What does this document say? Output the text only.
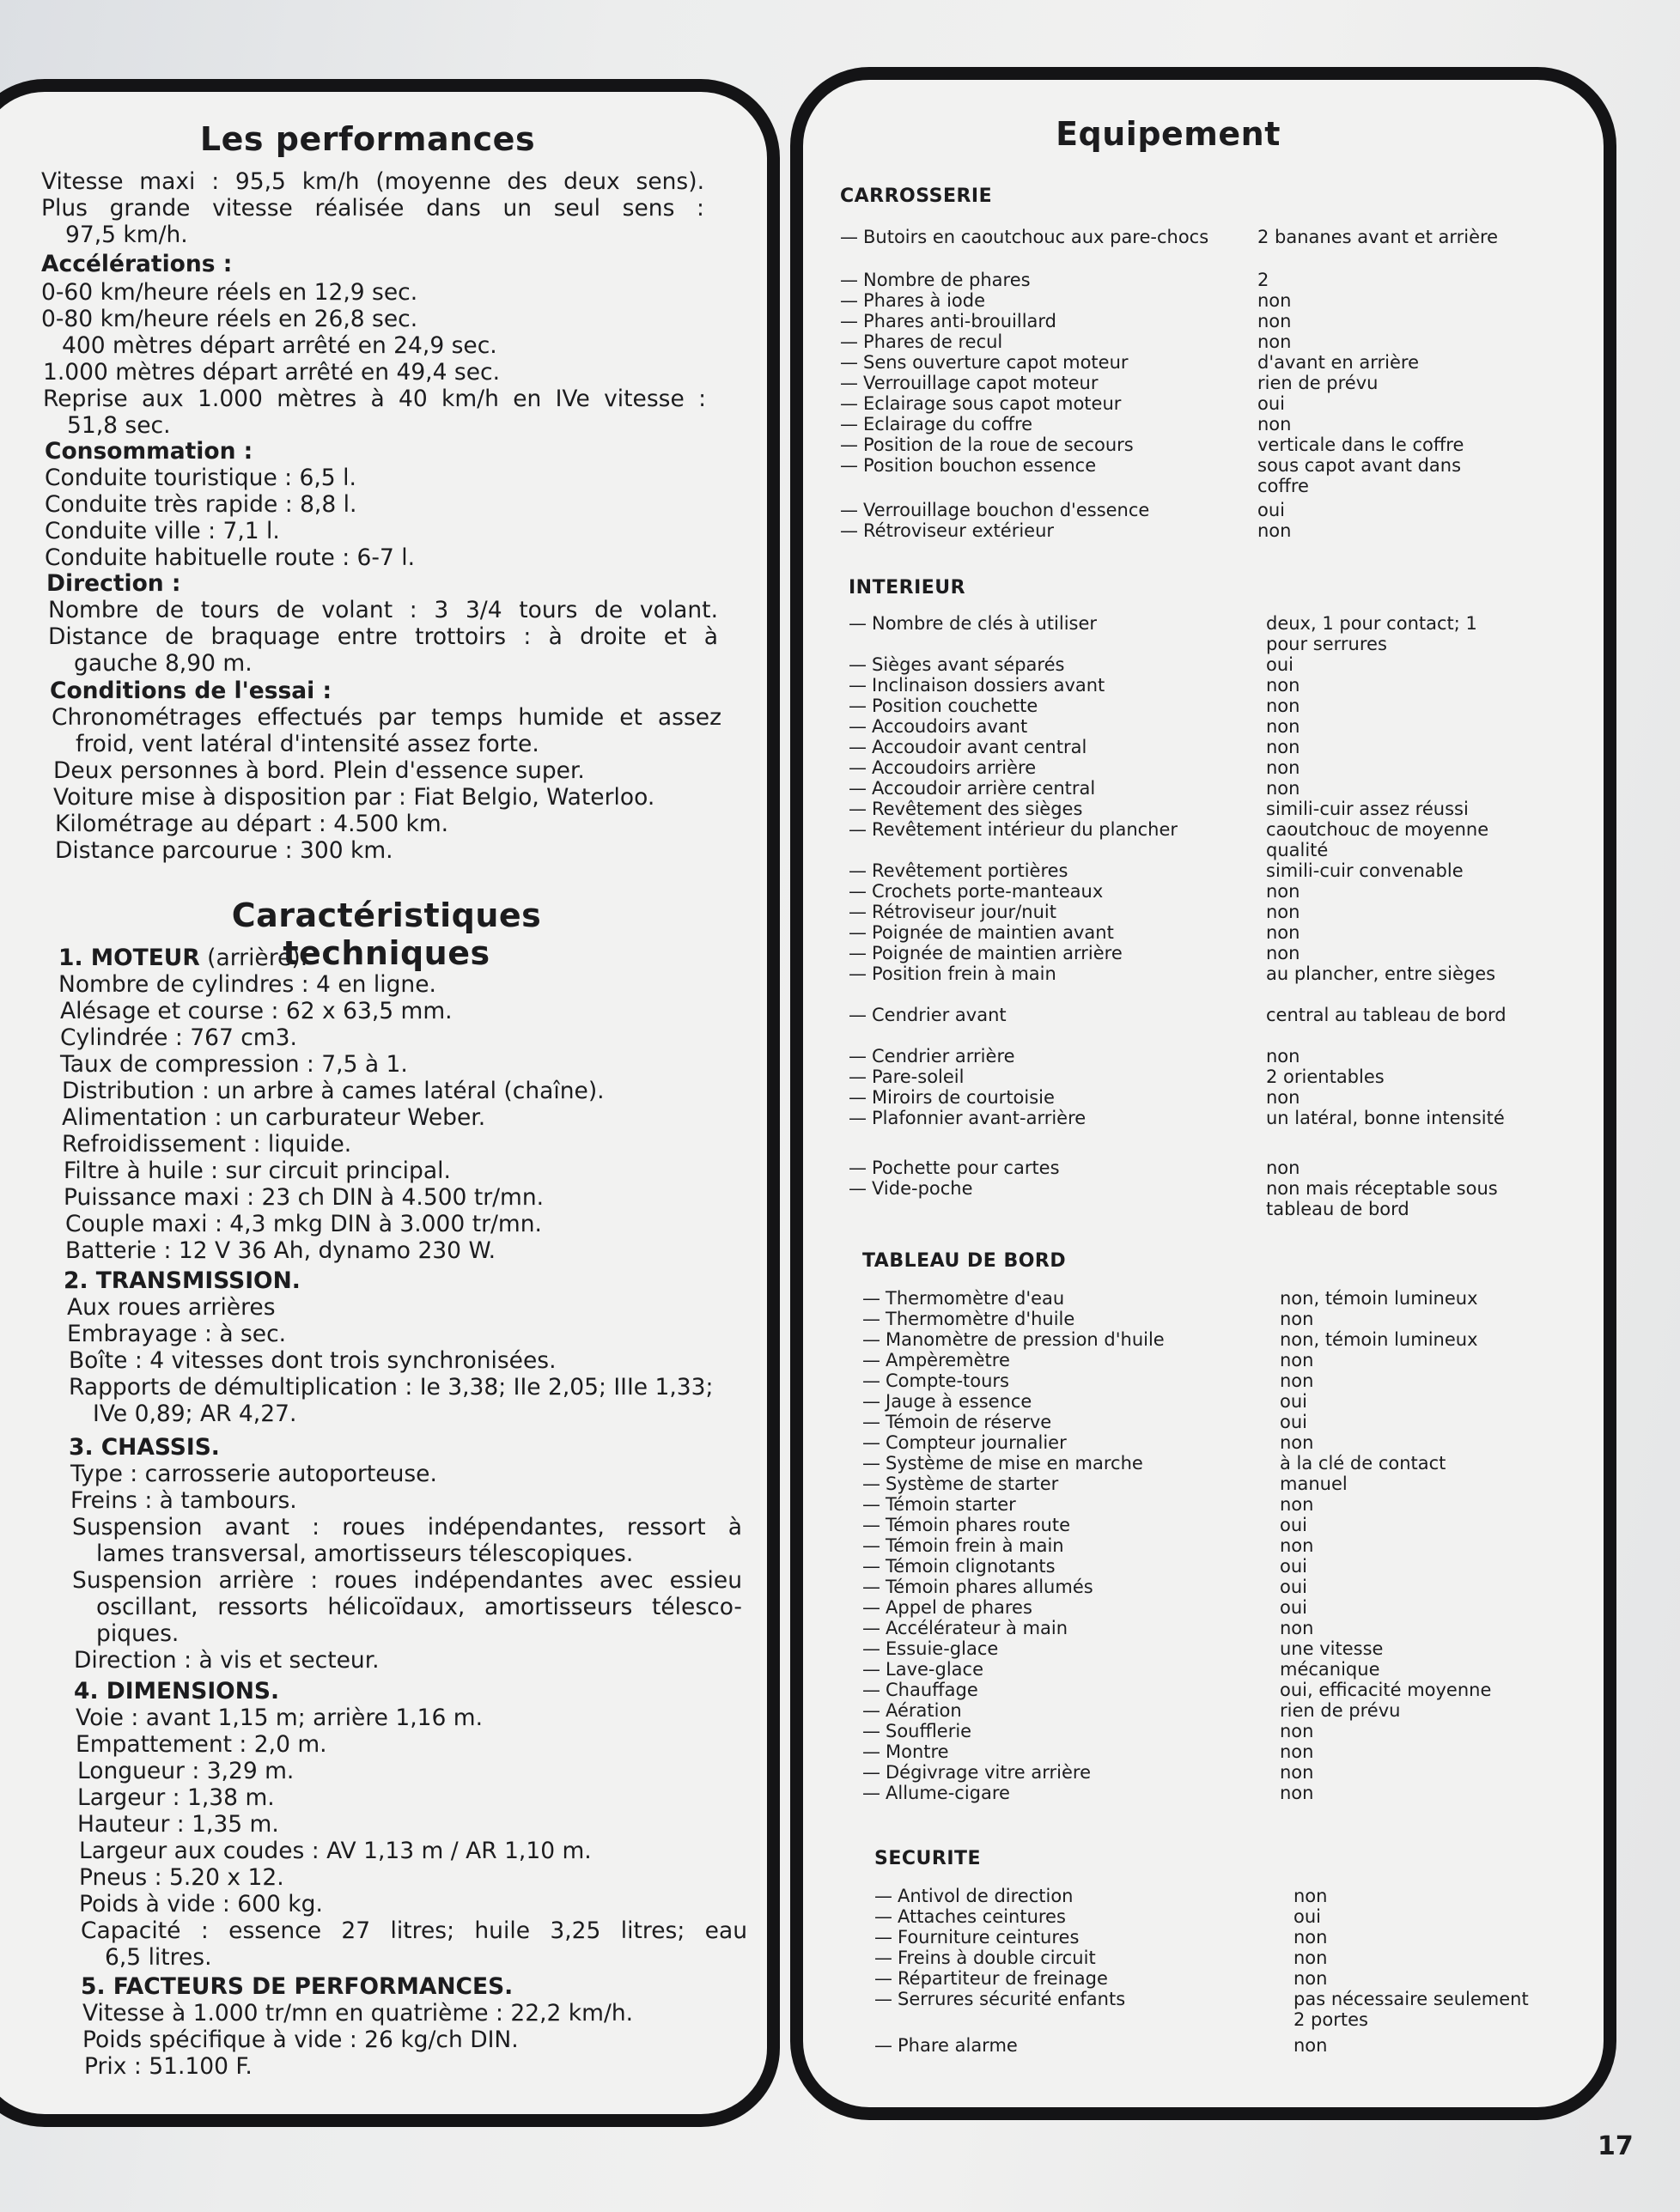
Les performances
Vitesse maxi : 95,5 km/h (moyenne des deux sens).
Plus grande vitesse réalisée dans un seul sens :
97,5 km/h.
Accélérations :
0-60 km/heure réels en 12,9 sec.
0-80 km/heure réels en 26,8 sec.
400 mètres départ arrêté en 24,9 sec.
1.000 mètres départ arrêté en 49,4 sec.
Reprise aux 1.000 mètres à 40 km/h en IVe vitesse :
51,8 sec.
Consommation :
Conduite touristique : 6,5 l.
Conduite très rapide : 8,8 l.
Conduite ville : 7,1 l.
Conduite habituelle route : 6-7 l.
Direction :
Nombre de tours de volant : 3 3/4 tours de volant.
Distance de braquage entre trottoirs : à droite et à
gauche 8,90 m.
Conditions de l'essai :
Chronométrages effectués par temps humide et assez
froid, vent latéral d'intensité assez forte.
Deux personnes à bord. Plein d'essence super.
Voiture mise à disposition par : Fiat Belgio, Waterloo.
Kilométrage au départ : 4.500 km.
Distance parcourue : 300 km.
Caractéristiques techniques
1. MOTEUR (arrière).
Nombre de cylindres : 4 en ligne.
Alésage et course : 62 x 63,5 mm.
Cylindrée : 767 cm3.
Taux de compression : 7,5 à 1.
Distribution : un arbre à cames latéral (chaîne).
Alimentation : un carburateur Weber.
Refroidissement : liquide.
Filtre à huile : sur circuit principal.
Puissance maxi : 23 ch DIN à 4.500 tr/mn.
Couple maxi : 4,3 mkg DIN à 3.000 tr/mn.
Batterie : 12 V 36 Ah, dynamo 230 W.
2. TRANSMISSION.
Aux roues arrières
Embrayage : à sec.
Boîte : 4 vitesses dont trois synchronisées.
Rapports de démultiplication : Ie 3,38; IIe 2,05; IIIe 1,33;
IVe 0,89; AR 4,27.
3. CHASSIS.
Type : carrosserie autoporteuse.
Freins : à tambours.
Suspension avant : roues indépendantes, ressort à
lames transversal, amortisseurs télescopiques.
Suspension arrière : roues indépendantes avec essieu
oscillant, ressorts hélicoïdaux, amortisseurs télesco-
piques.
Direction : à vis et secteur.
4. DIMENSIONS.
Voie : avant 1,15 m; arrière 1,16 m.
Empattement : 2,0 m.
Longueur : 3,29 m.
Largeur : 1,38 m.
Hauteur : 1,35 m.
Largeur aux coudes : AV 1,13 m / AR 1,10 m.
Pneus : 5.20 x 12.
Poids à vide : 600 kg.
Capacité : essence 27 litres; huile 3,25 litres; eau
6,5 litres.
5. FACTEURS DE PERFORMANCES.
Vitesse à 1.000 tr/mn en quatrième : 22,2 km/h.
Poids spécifique à vide : 26 kg/ch DIN.
Prix : 51.100 F.
Equipement
CARROSSERIE
— Butoirs en caoutchouc aux pare-chocs	2 bananes avant et arrière
— Nombre de phares	2
— Phares à iode	non
— Phares anti-brouillard	non
— Phares de recul	non
— Sens ouverture capot moteur	d'avant en arrière
— Verrouillage capot moteur	rien de prévu
— Eclairage sous capot moteur	oui
— Eclairage du coffre	non
— Position de la roue de secours	verticale dans le coffre
— Position bouchon essence	sous capot avant dans coffre
— Verrouillage bouchon d'essence	oui
— Rétroviseur extérieur	non
INTERIEUR
— Nombre de clés à utiliser	deux, 1 pour contact; 1 pour serrures
— Sièges avant séparés	oui
— Inclinaison dossiers avant	non
— Position couchette	non
— Accoudoirs avant	non
— Accoudoir avant central	non
— Accoudoirs arrière	non
— Accoudoir arrière central	non
— Revêtement des sièges	simili-cuir assez réussi
— Revêtement intérieur du plancher	caoutchouc de moyenne qualité
— Revêtement portières	simili-cuir convenable
— Crochets porte-manteaux	non
— Rétroviseur jour/nuit	non
— Poignée de maintien avant	non
— Poignée de maintien arrière	non
— Position frein à main	au plancher, entre sièges
— Cendrier avant	central au tableau de bord
— Cendrier arrière	non
— Pare-soleil	2 orientables
— Miroirs de courtoisie	non
— Plafonnier avant-arrière	un latéral, bonne intensité
— Pochette pour cartes	non
— Vide-poche	non mais réceptable sous tableau de bord
TABLEAU DE BORD
— Thermomètre d'eau	non, témoin lumineux
— Thermomètre d'huile	non
— Manomètre de pression d'huile	non, témoin lumineux
— Ampèremètre	non
— Compte-tours	non
— Jauge à essence	oui
— Témoin de réserve	oui
— Compteur journalier	non
— Système de mise en marche	à la clé de contact
— Système de starter	manuel
— Témoin starter	non
— Témoin phares route	oui
— Témoin frein à main	non
— Témoin clignotants	oui
— Témoin phares allumés	oui
— Appel de phares	oui
— Accélérateur à main	non
— Essuie-glace	une vitesse
— Lave-glace	mécanique
— Chauffage	oui, efficacité moyenne
— Aération	rien de prévu
— Soufflerie	non
— Montre	non
— Dégivrage vitre arrière	non
— Allume-cigare	non
SECURITE
— Antivol de direction	non
— Attaches ceintures	oui
— Fourniture ceintures	non
— Freins à double circuit	non
— Répartiteur de freinage	non
— Serrures sécurité enfants	pas nécessaire seulement 2 portes
— Phare alarme	non
17
